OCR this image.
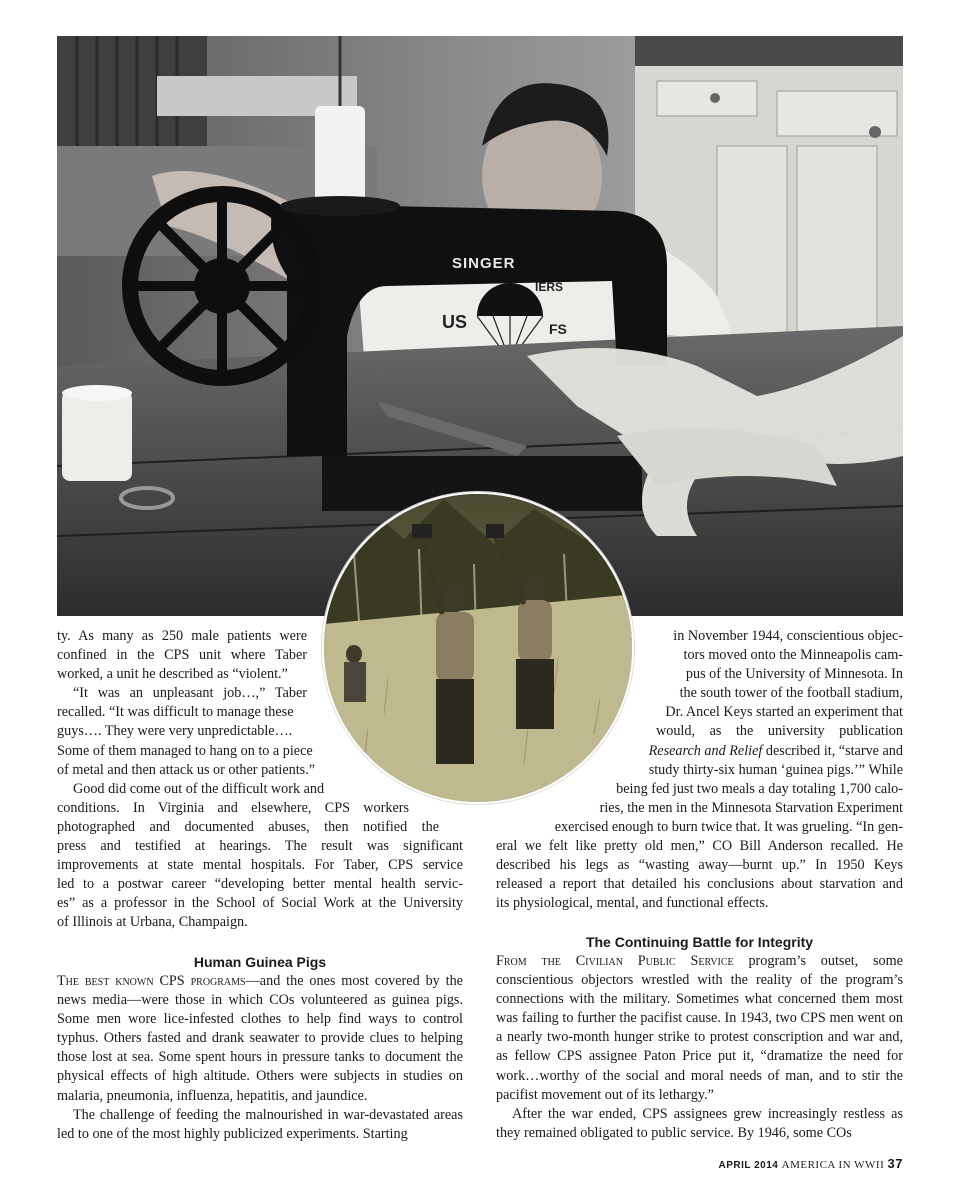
US	FS
IERS
SINGER
ty. As many as 250 male patients were
confined in the CPS unit where Taber
worked, a unit he described as “violent.”
“It was an unpleasant job…,” Taber
recalled. “It was difficult to manage these
guys…. They were very unpredictable….
Some of them managed to hang on to a piece
of metal and then attack us or other patients.”
Good did come out of the difficult work and
conditions. In Virginia and elsewhere, CPS workers
photographed and documented abuses, then notified the
press and testified at hearings. The result was significant
improvements at state mental hospitals. For Taber, CPS service
led to a postwar career “developing better mental health servic-
es” as a professor in the School of Social Work at the University
of Illinois at Urbana, Champaign.
in November 1944, conscientious objec-
tors moved onto the Minneapolis cam-
pus of the University of Minnesota. In
the south tower of the football stadium,
Dr. Ancel Keys started an experiment that
would, as the university publication
Research and Relief described it, “starve and
study thirty-six human ‘guinea pigs.’” While
being fed just two meals a day totaling 1,700 calo-
ries, the men in the Minnesota Starvation Experiment
exercised enough to burn twice that. It was grueling. “In gen-
eral we felt like pretty old men,” CO Bill Anderson recalled. He
described his legs as “wasting away—burnt up.” In 1950 Keys
released a report that detailed his conclusions about starvation and
its physiological, mental, and functional effects.
Human Guinea Pigs
The Continuing Battle for Integrity

The best known CPS programs—and the ones most covered by the news media—were those in which COs volunteered as guinea pigs. Some men wore lice-infested clothes to help find ways to control typhus. Others fasted and drank seawater to provide clues to helping those lost at sea. Some spent hours in pressure tanks to document the physical effects of high altitude. Others were subjects in studies on malaria, pneumonia, influenza, hepatitis, and jaundice.

The challenge of feeding the malnourished in war-devastated areas led to one of the most highly publicized experiments. Starting

From the Civilian Public Service program’s outset, some conscientious objectors wrestled with the reality of the program’s connections with the military. Sometimes what concerned them most was failing to further the pacifist cause. In 1943, two CPS men went on a nearly two-month hunger strike to protest conscription and war and, as fellow CPS assignee Paton Price put it, “dramatize the need for work…worthy of the social and moral needs of man, and to stir the pacifist movement out of its lethargy.”

After the war ended, CPS assignees grew increasingly restless as they remained obligated to public service. By 1946, some COs

APRIL 2014 AMERICA IN WWII 37
